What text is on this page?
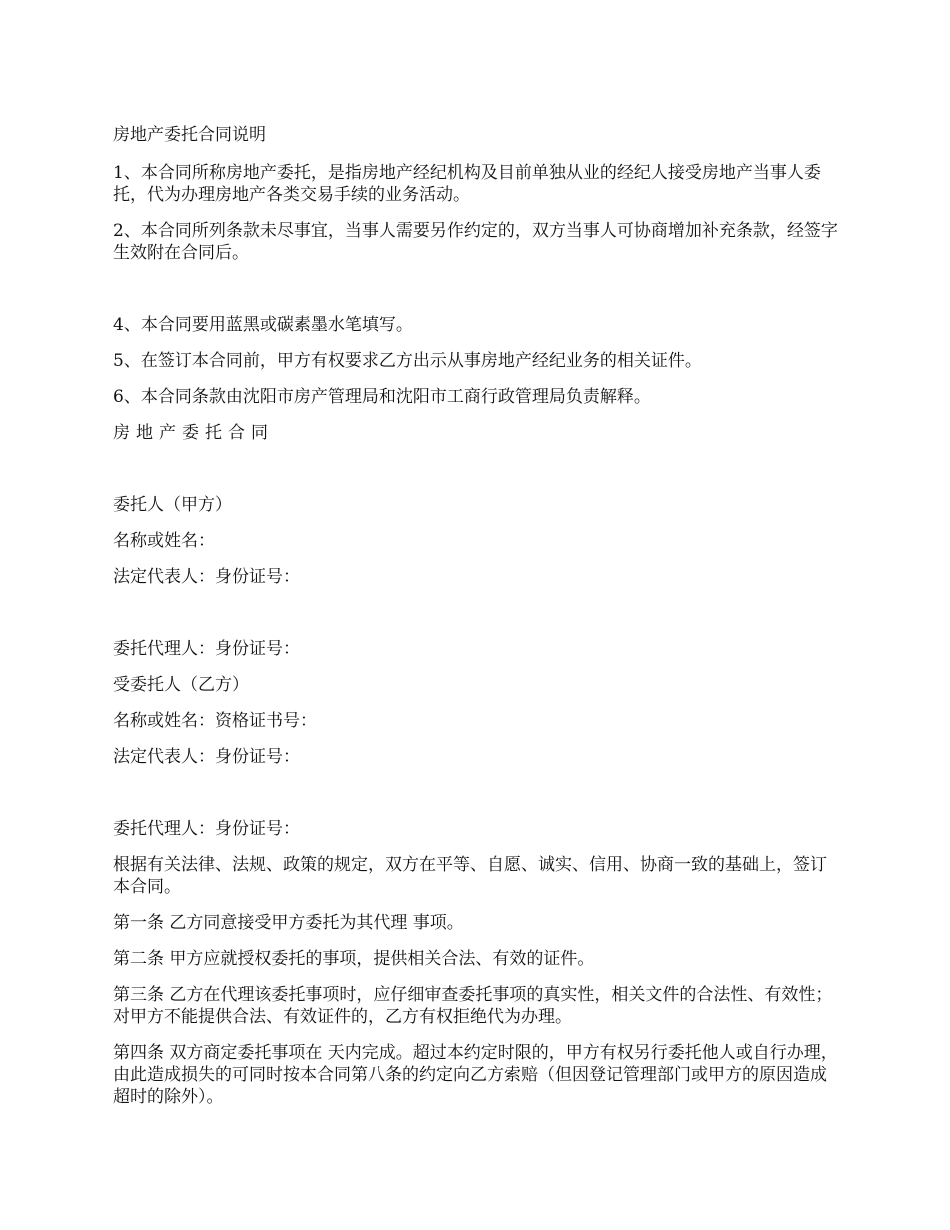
房地产委托合同说明

1、本合同所称房地产委托，是指房地产经纪机构及目前单独从业的经纪人接受房地产当事人委托，代为办理房地产各类交易手续的业务活动。

2、本合同所列条款未尽事宜，当事人需要另作约定的，双方当事人可协商增加补充条款，经签字生效附在合同后。

4、本合同要用蓝黑或碳素墨水笔填写。

5、在签订本合同前，甲方有权要求乙方出示从事房地产经纪业务的相关证件。

6、本合同条款由沈阳市房产管理局和沈阳市工商行政管理局负责解释。

房地产委托合同

委托人（甲方）

名称或姓名：

法定代表人：身份证号：

委托代理人：身份证号：

受委托人（乙方）

名称或姓名：资格证书号：

法定代表人：身份证号：

委托代理人：身份证号：

根据有关法律、法规、政策的规定，双方在平等、自愿、诚实、信用、协商一致的基础上，签订本合同。

第一条 乙方同意接受甲方委托为其代理 事项。

第二条 甲方应就授权委托的事项，提供相关合法、有效的证件。

第三条 乙方在代理该委托事项时，应仔细审查委托事项的真实性，相关文件的合法性、有效性；对甲方不能提供合法、有效证件的，乙方有权拒绝代为办理。

第四条 双方商定委托事项在 天内完成。超过本约定时限的，甲方有权另行委托他人或自行办理，由此造成损失的可同时按本合同第八条的约定向乙方索赔（但因登记管理部门或甲方的原因造成超时的除外）。
